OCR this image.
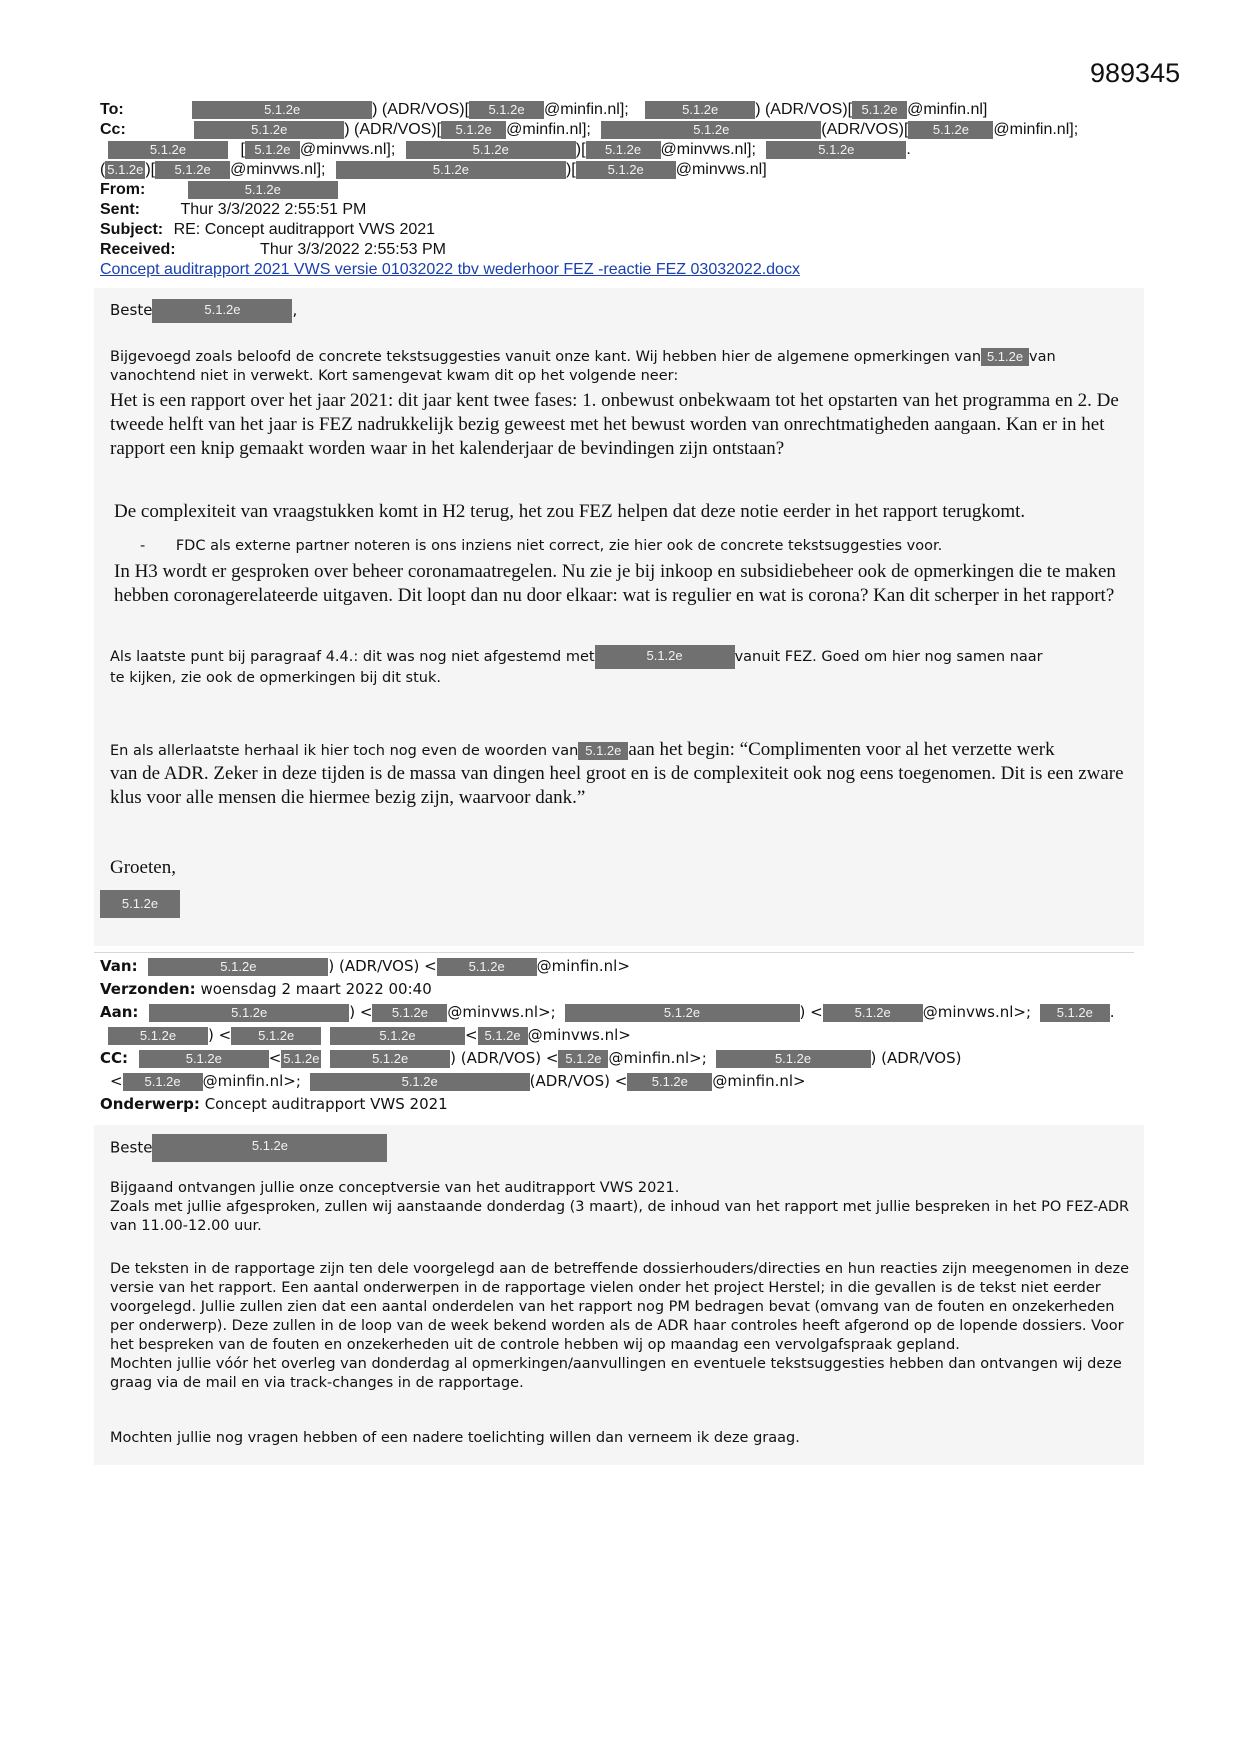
989345
To:	5.1.2e	) (ADR/VOS)[ 5.1.2e @minfin.nl];	5.1.2e ) (ADR/VOS)[ 5.1.2e @minfin.nl]
Cc:	5.1.2e	) (ADR/VOS)[ 5.1.2e @minfin.nl];	5.1.2e	(ADR/VOS)[ 5.1.2e @minfin.nl];
5.1.2e	[ 5.1.2e @minvws.nl];	5.1.2e	)[ 5.1.2e @minvws.nl];	5.1.2e	.
( 5.1.2e )[ 5.1.2e @minvws.nl];	5.1.2e	)[ 5.1.2e @minvws.nl]
From:	5.1.2e
Sent:	Thur 3/3/2022 2:55:51 PM
Subject: RE: Concept auditrapport VWS 2021
Received:	Thur 3/3/2022 2:55:53 PM
Concept auditrapport 2021 VWS versie 01032022 tbv wederhoor FEZ -reactie FEZ 03032022.docx
Beste	5.1.2e	,
Bijgevoegd zoals beloofd de concrete tekstsuggesties vanuit onze kant. Wij hebben hier de algemene opmerkingen van 5.1.2e van
vanochtend niet in verwekt. Kort samengevat kwam dit op het volgende neer:
Het is een rapport over het jaar 2021: dit jaar kent twee fases: 1. onbewust onbekwaam tot het opstarten van het programma en 2. De tweede helft van het jaar is FEZ nadrukkelijk bezig geweest met het bewust worden van onrechtmatigheden aangaan. Kan er in het rapport een knip gemaakt worden waar in het kalenderjaar de bevindingen zijn ontstaan?
De complexiteit van vraagstukken komt in H2 terug, het zou FEZ helpen dat deze notie eerder in het rapport terugkomt.
- FDC als externe partner noteren is ons inziens niet correct, zie hier ook de concrete tekstsuggesties voor.
In H3 wordt er gesproken over beheer coronamaatregelen. Nu zie je bij inkoop en subsidiebeheer ook de opmerkingen die te maken hebben coronagerelateerde uitgaven. Dit loopt dan nu door elkaar: wat is regulier en wat is corona? Kan dit scherper in het rapport?
Als laatste punt bij paragraaf 4.4.: dit was nog niet afgestemd met	5.1.2e	vanuit FEZ. Goed om hier nog samen naar
te kijken, zie ook de opmerkingen bij dit stuk.
En als allerlaatste herhaal ik hier toch nog even de woorden van 5.1.2e aan het begin: “Complimenten voor al het verzette werk
van de ADR. Zeker in deze tijden is de massa van dingen heel groot en is de complexiteit ook nog eens toegenomen. Dit is een zware klus voor alle mensen die hiermee bezig zijn, waarvoor dank.”
Groeten,
5.1.2e
Van:	5.1.2e	) (ADR/VOS) < 5.1.2e @minfin.nl>
Verzonden: woensdag 2 maart 2022 00:40
Aan:	5.1.2e	) < 5.1.2e @minvws.nl>;	5.1.2e	) < 5.1.2e @minvws.nl>; 5.1.2e .
5.1.2e ) < 5.1.2e	5.1.2e	< 5.1.2e @minvws.nl>
CC:	5.1.2e	< 5.1.2e	5.1.2e	) (ADR/VOS) < 5.1.2e @minfin.nl>;	5.1.2e	) (ADR/VOS)
< 5.1.2e @minfin.nl>;	5.1.2e	(ADR/VOS) < 5.1.2e @minfin.nl>
Onderwerp: Concept auditrapport VWS 2021
Beste	5.1.2e
Bijgaand ontvangen jullie onze conceptversie van het auditrapport VWS 2021.
Zoals met jullie afgesproken, zullen wij aanstaande donderdag (3 maart), de inhoud van het rapport met jullie bespreken in het PO FEZ-ADR van 11.00-12.00 uur.
De teksten in de rapportage zijn ten dele voorgelegd aan de betreffende dossierhouders/directies en hun reacties zijn meegenomen in deze versie van het rapport. Een aantal onderwerpen in de rapportage vielen onder het project Herstel; in die gevallen is de tekst niet eerder voorgelegd. Jullie zullen zien dat een aantal onderdelen van het rapport nog PM bedragen bevat (omvang van de fouten en onzekerheden per onderwerp). Deze zullen in de loop van de week bekend worden als de ADR haar controles heeft afgerond op de lopende dossiers. Voor het bespreken van de fouten en onzekerheden uit de controle hebben wij op maandag een vervolgafspraak gepland.
Mochten jullie vóór het overleg van donderdag al opmerkingen/aanvullingen en eventuele tekstsuggesties hebben dan ontvangen wij deze graag via de mail en via track-changes in de rapportage.
Mochten jullie nog vragen hebben of een nadere toelichting willen dan verneem ik deze graag.
